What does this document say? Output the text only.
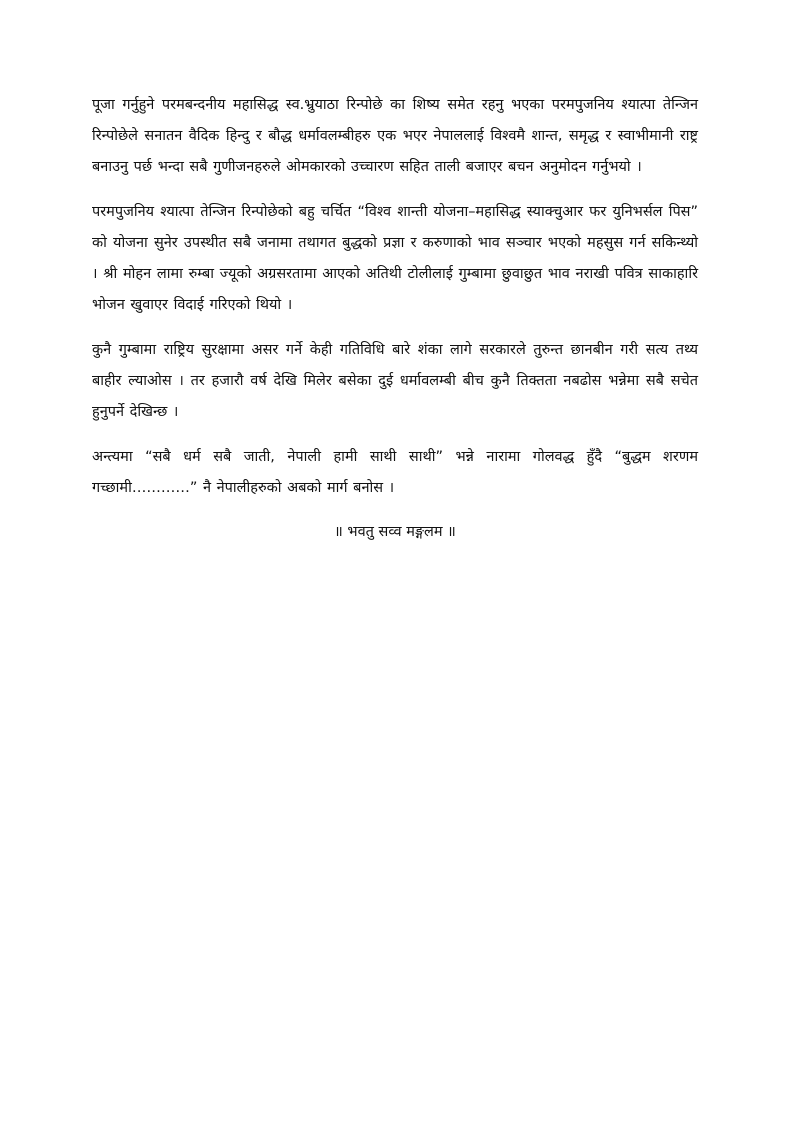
पूजा गर्नुहुने परमबन्दनीय महासिद्ध स्व.भ्रुयाठा रिन्पोछे का शिष्य समेत रहनु भएका परमपुजनिय श्यात्पा तेन्जिन रिन्पोछेले सनातन वैदिक हिन्दु र बौद्ध धर्मावलम्बीहरु एक भएर नेपाललाई विश्वमै शान्त, समृद्ध र स्वाभीमानी राष्ट्र बनाउनु पर्छ भन्दा सबै गुणीजनहरुले ओमकारको उच्चारण सहित ताली बजाएर बचन अनुमोदन गर्नुभयो ।

परमपुजनिय श्यात्पा तेन्जिन रिन्पोछेको बहु चर्चित “विश्व शान्ती योजना–महासिद्ध स्याक्चुआर फर युनिभर्सल पिस” को योजना सुनेर उपस्थीत सबै जनामा तथागत बुद्धको प्रज्ञा र करुणाको भाव सञ्चार भएको महसुस गर्न सकिन्थ्यो । श्री मोहन लामा रुम्बा ज्यूको अग्रसरतामा आएको अतिथी टोलीलाई गुम्बामा छुवाछुत भाव नराखी पवित्र साकाहारि भोजन खुवाएर विदाई गरिएको थियो ।

कुनै गुम्बामा राष्ट्रिय सुरक्षामा असर गर्ने केही गतिविधि बारे शंका लागे सरकारले तुरुन्त छानबीन गरी सत्य तथ्य बाहीर ल्याओस । तर हजारौ वर्ष देखि मिलेर बसेका दुई धर्मावलम्बी बीच कुनै तिक्तता नबढोस भन्नेमा सबै सचेत हुनुपर्ने देखिन्छ ।

अन्त्यमा “सबै धर्म सबै जाती, नेपाली हामी साथी साथी” भन्ने नारामा गोलवद्ध हुँदै “बुद्धम शरणम गच्छामी…………” नै नेपालीहरुको अबको मार्ग बनोस ।

॥ भवतु सव्व मङ्गलम ॥
